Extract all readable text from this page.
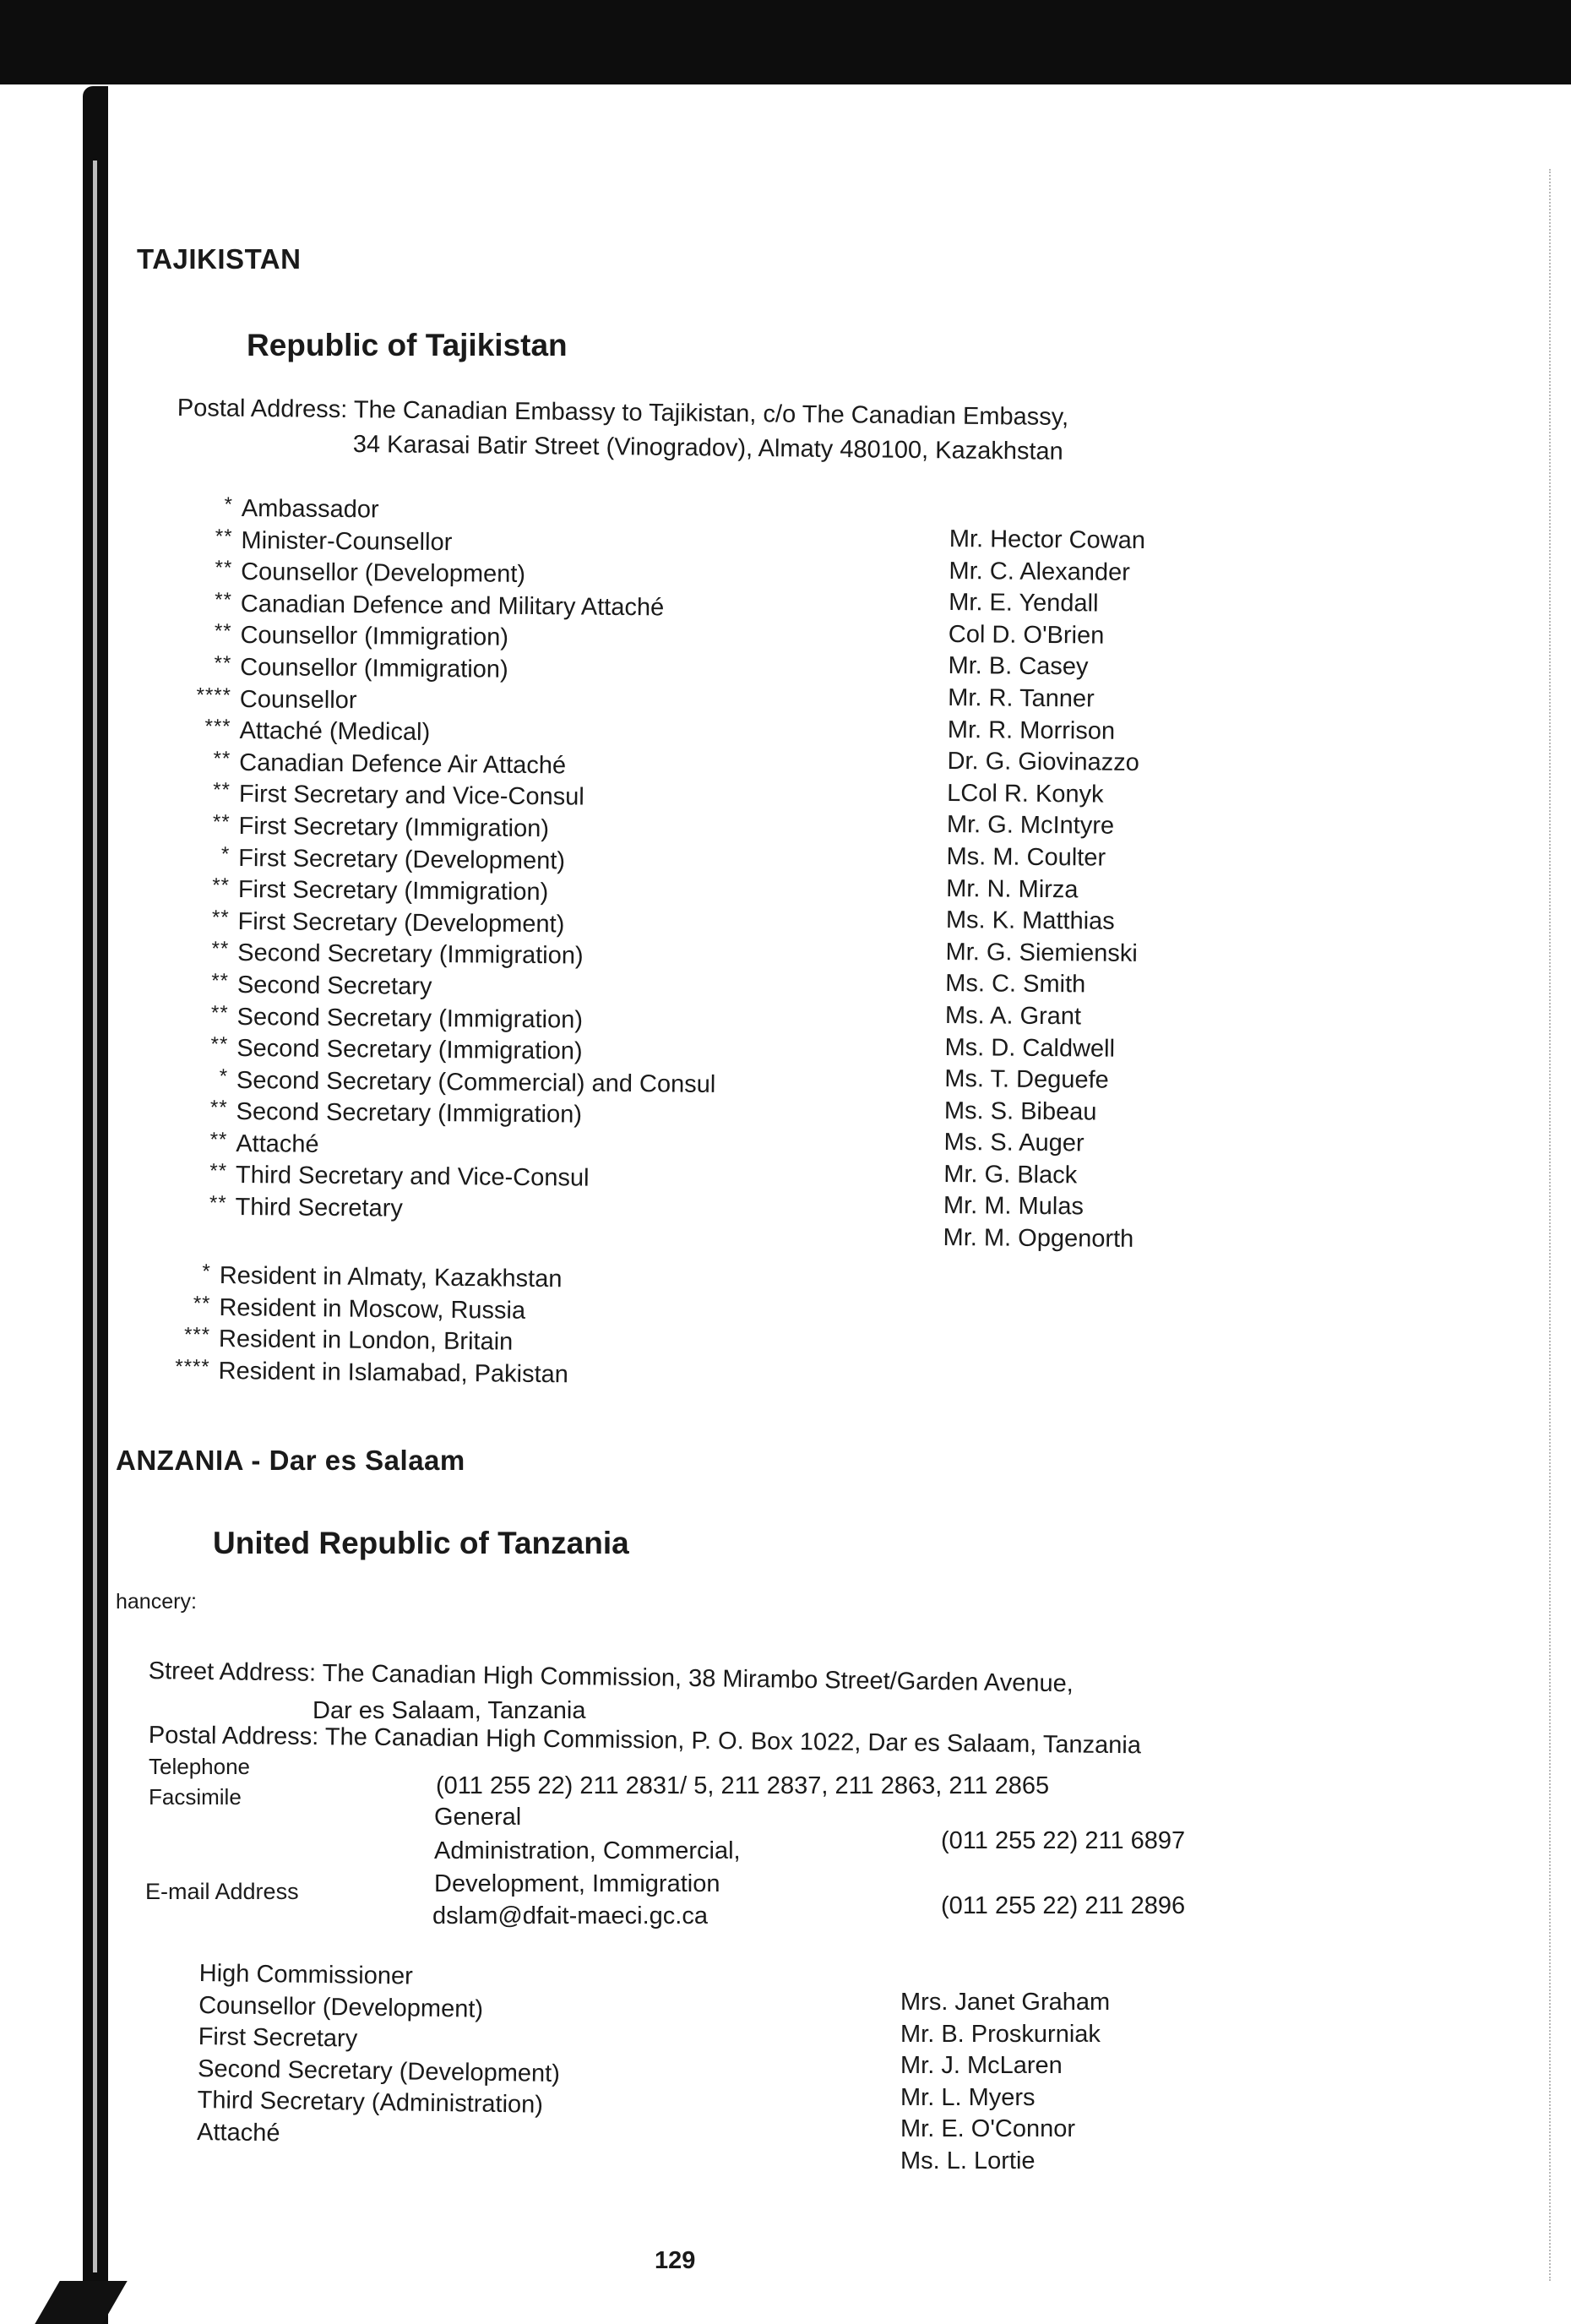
TAJIKISTAN
Republic of Tajikistan
Postal Address: The Canadian Embassy to Tajikistan, c/o The Canadian Embassy,
34 Karasai Batir Street (Vinogradov), Almaty 480100, Kazakhstan
* Ambassador
** Minister-Counsellor
** Counsellor (Development)
** Canadian Defence and Military Attaché
** Counsellor (Immigration)
** Counsellor (Immigration)
**** Counsellor
*** Attaché (Medical)
** Canadian Defence Air Attaché
** First Secretary and Vice-Consul
** First Secretary (Immigration)
* First Secretary (Development)
** First Secretary (Immigration)
** First Secretary (Development)
** Second Secretary (Immigration)
** Second Secretary
** Second Secretary (Immigration)
** Second Secretary (Immigration)
* Second Secretary (Commercial) and Consul
** Second Secretary (Immigration)
** Attaché
** Third Secretary and Vice-Consul
** Third Secretary
Mr. Hector Cowan
Mr. C. Alexander
Mr. E. Yendall
Col D. O'Brien
Mr. B. Casey
Mr. R. Tanner
Mr. R. Morrison
Dr. G. Giovinazzo
LCol R. Konyk
Mr. G. McIntyre
Ms. M. Coulter
Mr. N. Mirza
Ms. K. Matthias
Mr. G. Siemienski
Ms. C. Smith
Ms. A. Grant
Ms. D. Caldwell
Ms. T. Deguefe
Ms. S. Bibeau
Ms. S. Auger
Mr. G. Black
Mr. M. Mulas
Mr. M. Opgenorth
* Resident in Almaty, Kazakhstan
** Resident in Moscow, Russia
*** Resident in London, Britain
**** Resident in Islamabad, Pakistan
ANZANIA - Dar es Salaam
United Republic of Tanzania
hancery:
Street Address: The Canadian High Commission, 38 Mirambo Street/Garden Avenue,
Dar es Salaam, Tanzania
Postal Address: The Canadian High Commission, P. O. Box 1022, Dar es Salaam, Tanzania
Telephone
(011 255 22) 211 2831/ 5, 211 2837, 211 2863, 211 2865
Facsimile
General
(011 255 22) 211 6897
Administration, Commercial,
Development, Immigration
(011 255 22) 211 2896
E-mail Address
dslam@dfait-maeci.gc.ca
High Commissioner
Counsellor (Development)
First Secretary
Second Secretary (Development)
Third Secretary (Administration)
Attaché
Mrs. Janet Graham
Mr. B. Proskurniak
Mr. J. McLaren
Mr. L. Myers
Mr. E. O'Connor
Ms. L. Lortie
129
